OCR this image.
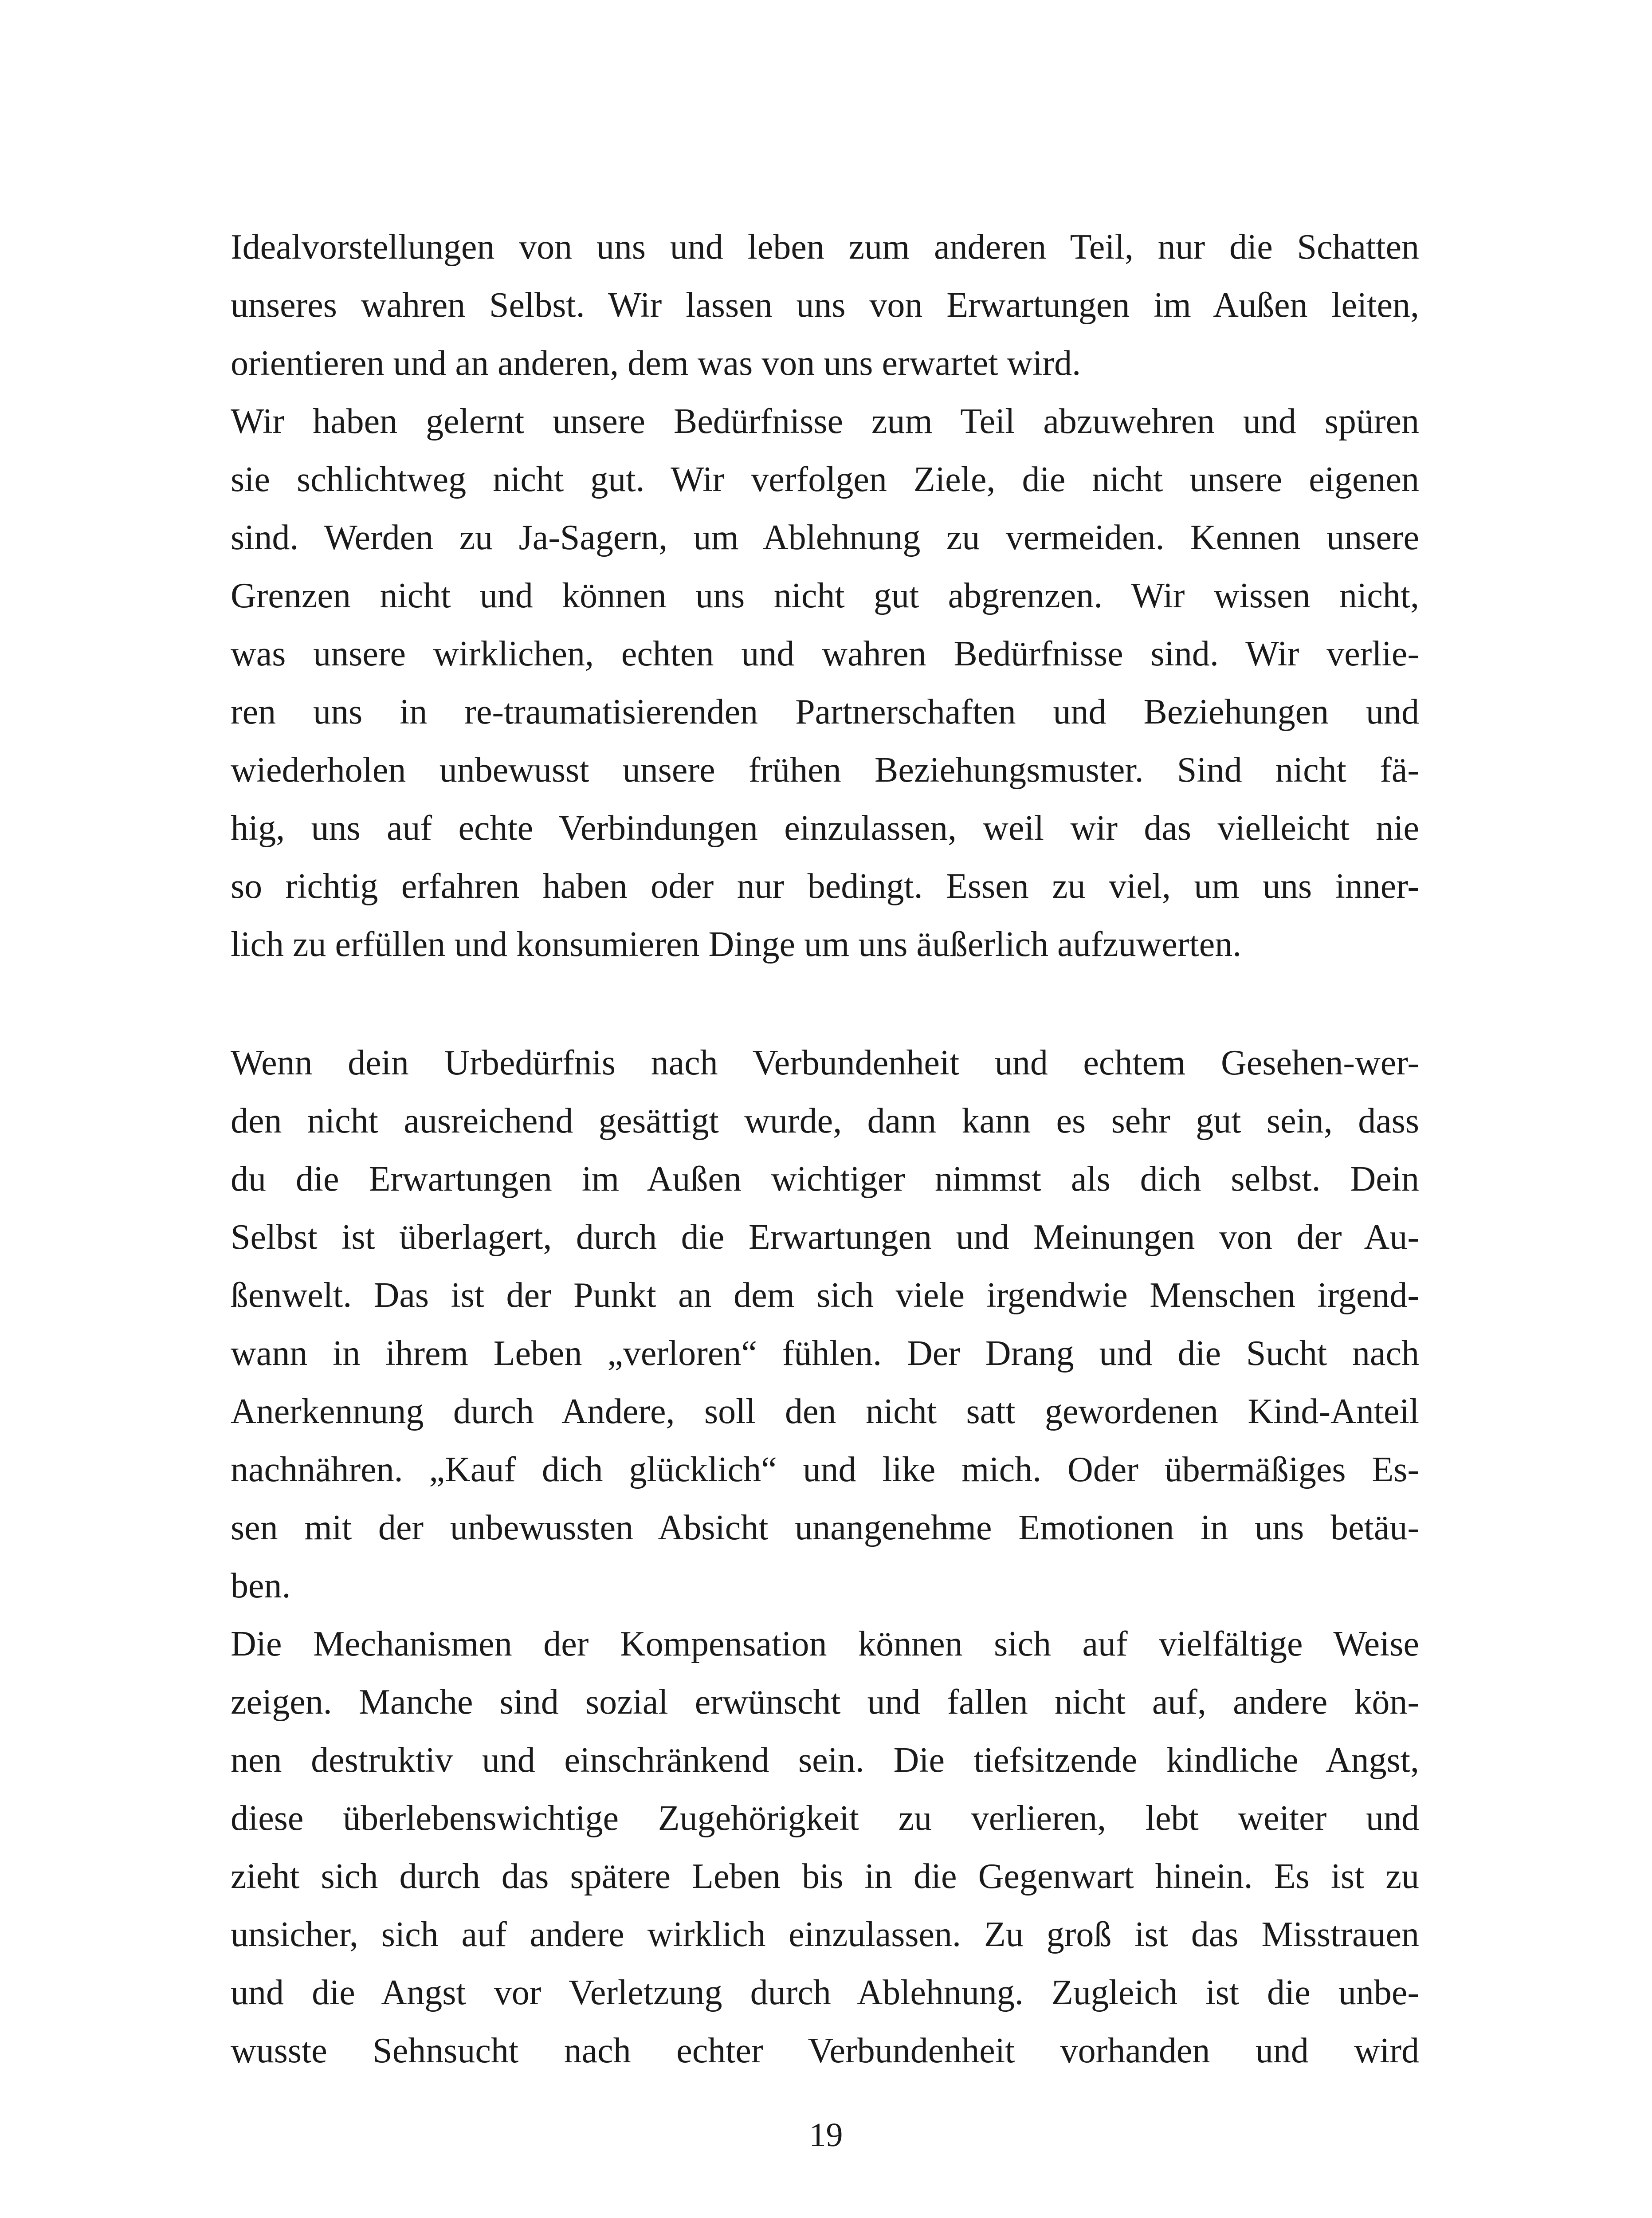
Idealvorstellungen von uns und leben zum anderen Teil, nur die Schatten
unseres wahren Selbst. Wir lassen uns von Erwartungen im Außen leiten,
orientieren und an anderen, dem was von uns erwartet wird.
Wir haben gelernt unsere Bedürfnisse zum Teil abzuwehren und spüren
sie schlichtweg nicht gut. Wir verfolgen Ziele, die nicht unsere eigenen
sind. Werden zu Ja-Sagern, um Ablehnung zu vermeiden. Kennen unsere
Grenzen nicht und können uns nicht gut abgrenzen. Wir wissen nicht,
was unsere wirklichen, echten und wahren Bedürfnisse sind. Wir verlie-
ren uns in re-traumatisierenden Partnerschaften und Beziehungen und
wiederholen unbewusst unsere frühen Beziehungsmuster. Sind nicht fä-
hig, uns auf echte Verbindungen einzulassen, weil wir das vielleicht nie
so richtig erfahren haben oder nur bedingt. Essen zu viel, um uns inner-
lich zu erfüllen und konsumieren Dinge um uns äußerlich aufzuwerten.
Wenn dein Urbedürfnis nach Verbundenheit und echtem Gesehen-wer-
den nicht ausreichend gesättigt wurde, dann kann es sehr gut sein, dass
du die Erwartungen im Außen wichtiger nimmst als dich selbst. Dein
Selbst ist überlagert, durch die Erwartungen und Meinungen von der Au-
ßenwelt. Das ist der Punkt an dem sich viele irgendwie Menschen irgend-
wann in ihrem Leben „verloren“ fühlen. Der Drang und die Sucht nach
Anerkennung durch Andere, soll den nicht satt gewordenen Kind-Anteil
nachnähren. „Kauf dich glücklich“ und like mich. Oder übermäßiges Es-
sen mit der unbewussten Absicht unangenehme Emotionen in uns betäu-
ben.
Die Mechanismen der Kompensation können sich auf vielfältige Weise
zeigen. Manche sind sozial erwünscht und fallen nicht auf, andere kön-
nen destruktiv und einschränkend sein. Die tiefsitzende kindliche Angst,
diese überlebenswichtige Zugehörigkeit zu verlieren, lebt weiter und
zieht sich durch das spätere Leben bis in die Gegenwart hinein. Es ist zu
unsicher, sich auf andere wirklich einzulassen. Zu groß ist das Misstrauen
und die Angst vor Verletzung durch Ablehnung. Zugleich ist die unbe-
wusste Sehnsucht nach echter Verbundenheit vorhanden und wird
19
